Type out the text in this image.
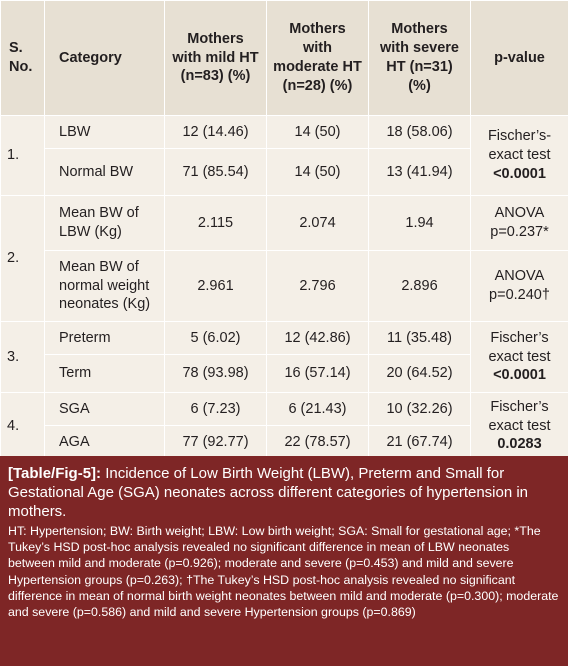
S. No.	Category	Mothers with mild HT (n=83) (%)	Mothers with moderate HT (n=28) (%)	Mothers with severe HT (n=31) (%)	p-value
1.	LBW	12 (14.46)	14 (50)	18 (58.06)	Fischer’s-
exact test
<0.0001

	Normal BW	71 (85.54)	14 (50)	13 (41.94)	
2.	Mean BW of LBW (Kg)	2.115	2.074	1.94	ANOVA
p=0.237*

	Mean BW of normal weight neonates (Kg)	2.961	2.796	2.896	ANOVA
p=0.240†

3.	Preterm	5 (6.02)	12 (42.86)	11 (35.48)	Fischer’s
exact test
<0.0001

	Term	78 (93.98)	16 (57.14)	20 (64.52)	
4.	SGA	6 (7.23)	6 (21.43)	10 (32.26)	Fischer’s
exact test
0.0283

	AGA	77 (92.77)	22 (78.57)	21 (67.74)	

[Table/Fig-5]: Incidence of Low Birth Weight (LBW), Preterm and Small for Gestational Age (SGA) neonates across different categories of hypertension in mothers.

HT: Hypertension; BW: Birth weight; LBW: Low birth weight; SGA: Small for gestational age; *The Tukey’s HSD post-hoc analysis revealed no significant difference in mean of LBW neonates between mild and moderate (p=0.926); moderate and severe (p=0.453) and mild and severe Hypertension groups (p=0.263); †The Tukey’s HSD post-hoc analysis revealed no significant difference in mean of normal birth weight neonates between mild and moderate (p=0.300); moderate and severe (p=0.586) and mild and severe Hypertension groups (p=0.869)
